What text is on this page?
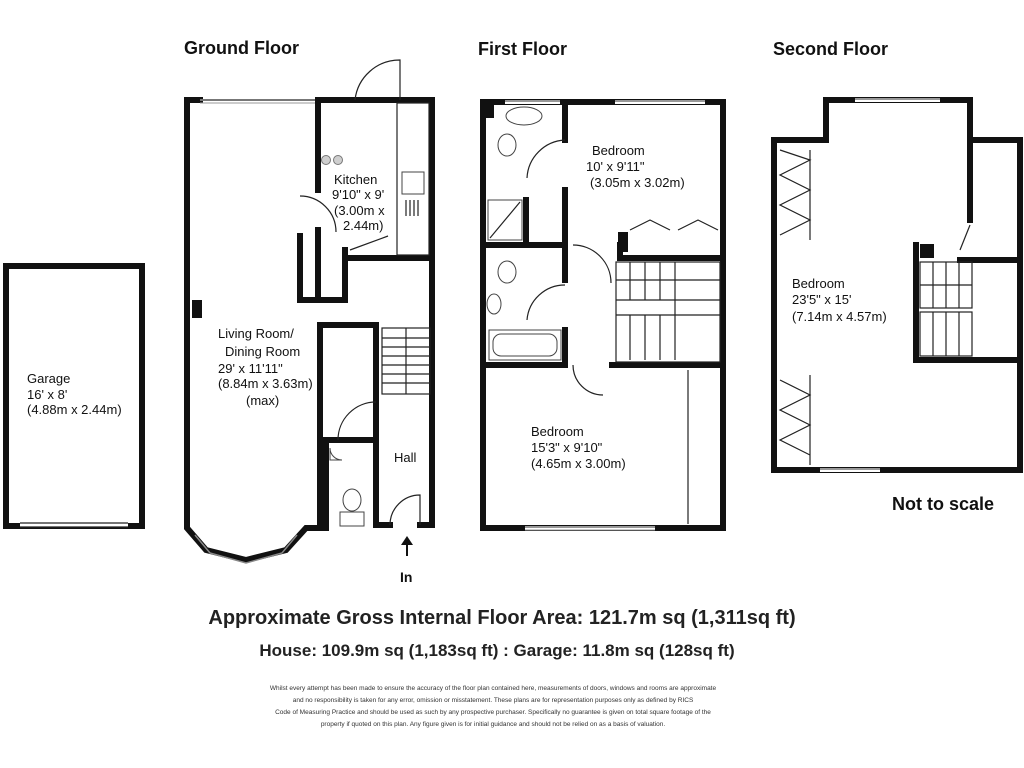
Ground Floor	First Floor	Second Floor
Garage
16' x 8'
(4.88m x 2.44m)
Kitchen
9'10" x 9'
(3.00m x
2.44m)
Living Room/
Dining Room
29' x 11'11"
(8.84m x 3.63m)
(max)
Hall
In
Bedroom
10' x 9'11"
(3.05m x 3.02m)
Bedroom
15'3" x 9'10"
(4.65m x 3.00m)
Bedroom
23'5" x 15'
(7.14m x 4.57m)
Not to scale
Approximate Gross Internal Floor Area: 121.7m sq (1,311sq ft)
House: 109.9m sq (1,183sq ft) : Garage: 11.8m sq (128sq ft)
Whilst every attempt has been made to ensure the accuracy of the floor plan contained here, measurements of doors, windows and rooms are approximate
and no responsibility is taken for any error, omission or misstatement. These plans are for representation purposes only as defined by RICS
Code of Measuring Practice and should be used as such by any prospective purchaser. Specifically no guarantee is given on total square footage of the
property if quoted on this plan. Any figure given is for initial guidance and should not be relied on as a basis of valuation.
